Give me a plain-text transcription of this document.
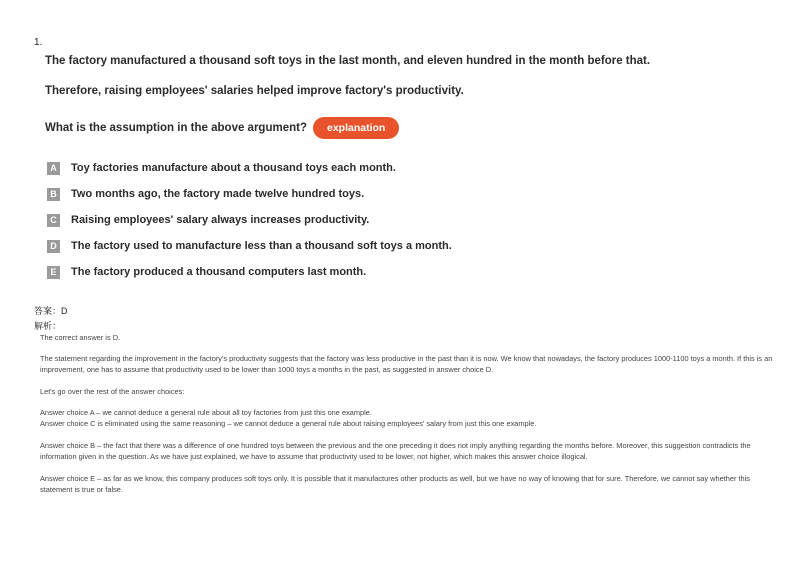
1.
The factory manufactured a thousand soft toys in the last month, and eleven hundred in the month before that.
Therefore, raising employees' salaries helped improve factory's productivity.
What is the assumption in the above argument?	explanation
A Toy factories manufacture about a thousand toys each month.
B Two months ago, the factory made twelve hundred toys.
C Raising employees' salary always increases productivity.
D The factory used to manufacture less than a thousand soft toys a month.
E	The factory produced a thousand computers last month.
答案：D
解析：
The correct answer is D.
The statement regarding the improvement in the factory's productivity suggests that the factory was less productive in the past than it is now. We know that nowadays, the factory produces 1000-1100 toys a month. If this is an improvement, one has to assume that productivity used to be lower than 1000 toys a months in the past, as suggested in answer choice D.
Let's go over the rest of the answer choices:
Answer choice A – we cannot deduce a general rule about all toy factories from just this one example.
Answer choice C is eliminated using the same reasoning – we cannot deduce a general rule about raising employees' salary from just this one example.
Answer choice B – the fact that there was a difference of one hundred toys between the previous and the one preceding it does not imply anything regarding the months before. Moreover, this suggestion contradicts the information given in the question. As we have just explained, we have to assume that productivity used to be lower, not higher, which makes this answer choice illogical.
Answer choice E – as far as we know, this company produces soft toys only. It is possible that it manufactures other products as well, but we have no way of knowing that for sure. Therefore, we cannot say whether this statement is true or false.
